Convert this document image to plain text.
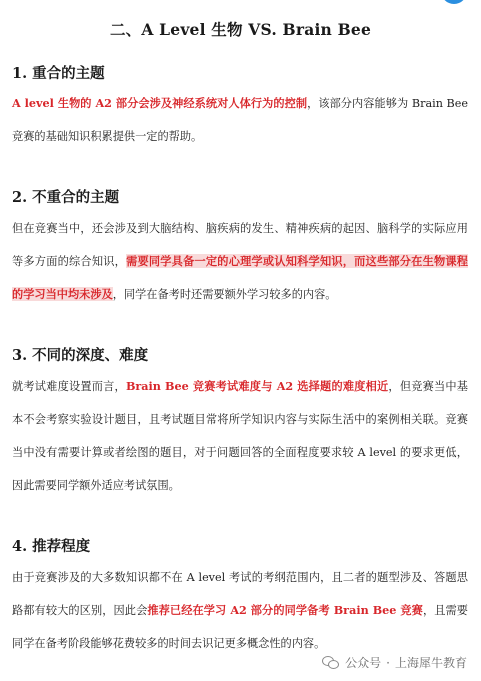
二、A Level 生物 VS. Brain Bee
1. 重合的主题

A level 生物的 A2 部分会涉及神经系统对人体行为的控制，该部分内容能够为 Brain Bee 竞赛的基础知识积累提供一定的帮助。

2. 不重合的主题

但在竞赛当中，还会涉及到大脑结构、脑疾病的发生、精神疾病的起因、脑科学的实际应用等多方面的综合知识，需要同学具备一定的心理学或认知科学知识，而这些部分在生物课程的学习当中均未涉及，同学在备考时还需要额外学习较多的内容。

3. 不同的深度、难度

就考试难度设置而言，Brain Bee 竞赛考试难度与 A2 选择题的难度相近，但竞赛当中基本不会考察实验设计题目，且考试题目常将所学知识内容与实际生活中的案例相关联。竞赛当中没有需要计算或者绘图的题目，对于问题回答的全面程度要求较 A level 的要求更低，因此需要同学额外适应考试氛围。

4. 推荐程度

由于竞赛涉及的大多数知识都不在 A level 考试的考纲范围内，且二者的题型涉及、答题思路都有较大的区别，因此会推荐已经在学习 A2 部分的同学备考 Brain Bee 竞赛，且需要同学在备考阶段能够花费较多的时间去识记更多概念性的内容。

公众号 · 上海犀牛教育
